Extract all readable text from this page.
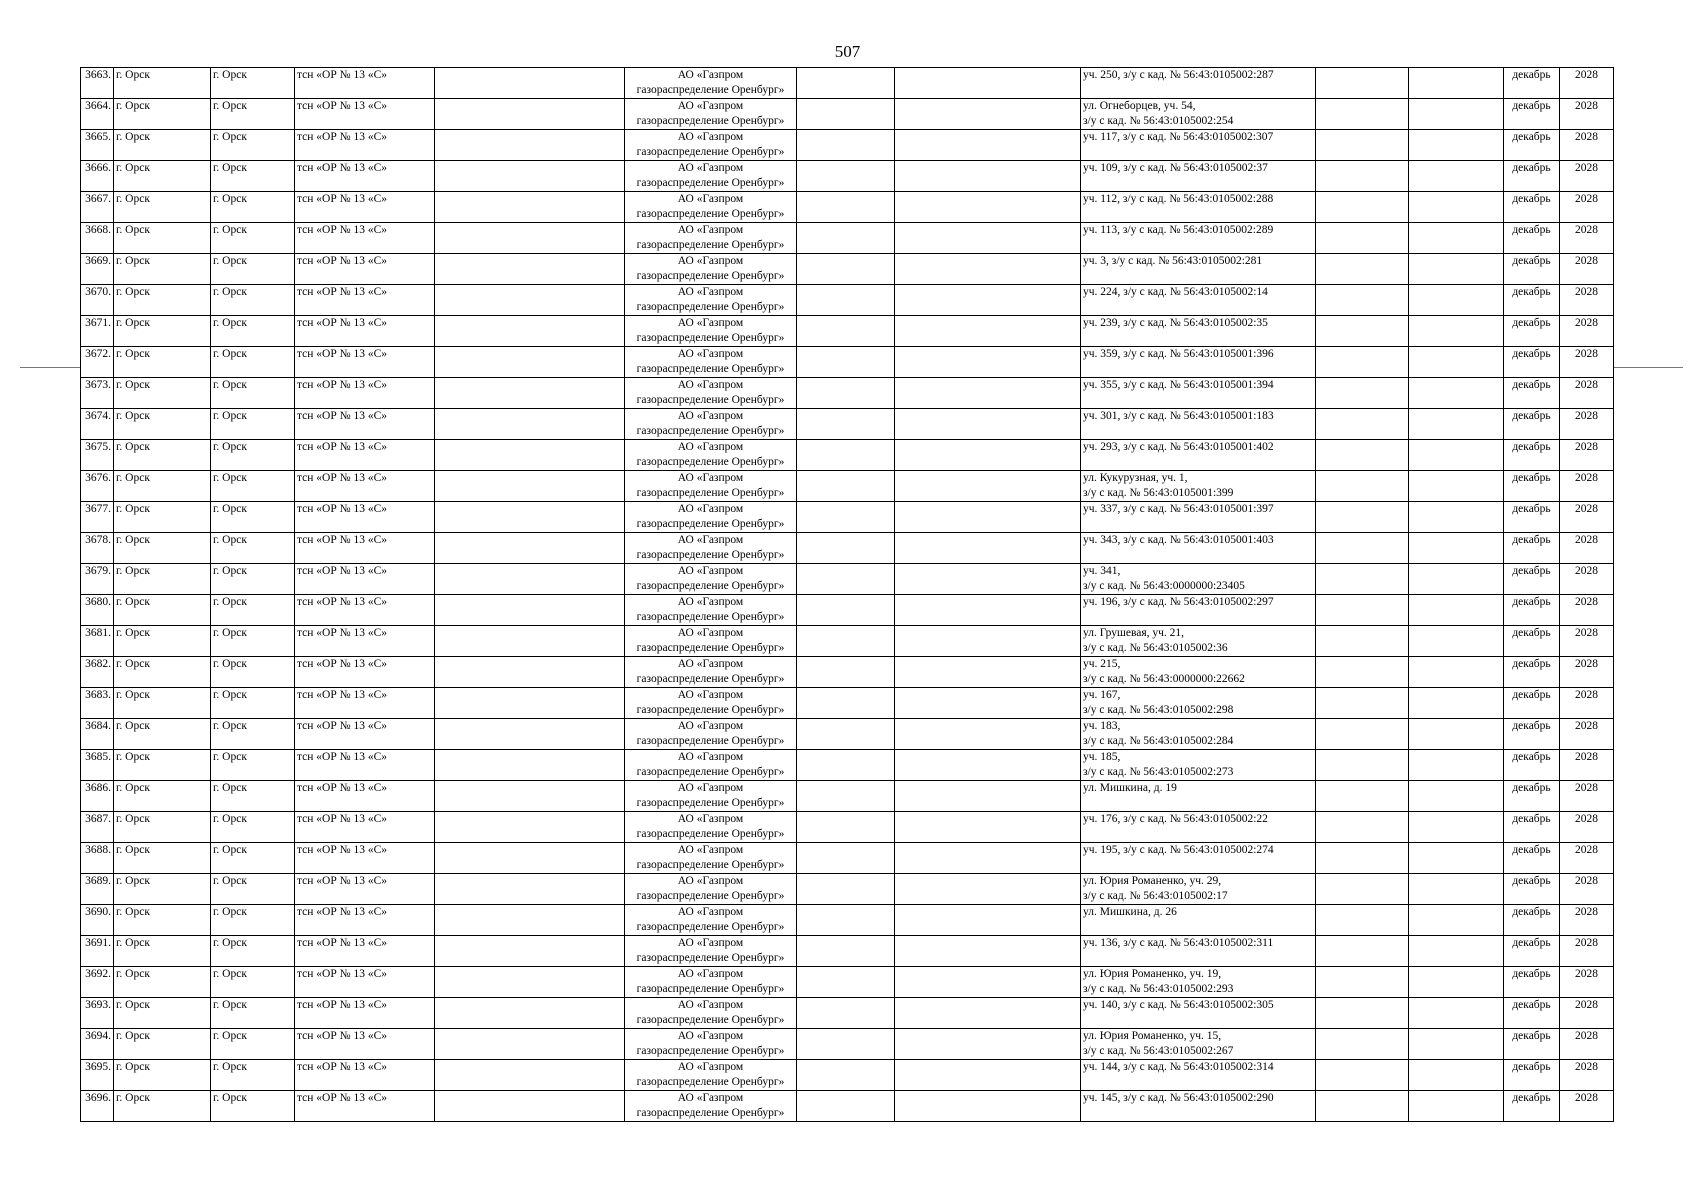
507
3663.	г. Орск	г. Орск	тсн «ОР № 13 «С»		АО «Газпром
газораспределение Оренбург»			уч. 250, з/у с кад. № 56:43:0105002:287			декабрь	2028
3664.	г. Орск	г. Орск	тсн «ОР № 13 «С»		АО «Газпром
газораспределение Оренбург»			ул. Огнеборцев, уч. 54,
з/у с кад. № 56:43:0105002:254			декабрь	2028
3665.	г. Орск	г. Орск	тсн «ОР № 13 «С»		АО «Газпром
газораспределение Оренбург»			уч. 117, з/у с кад. № 56:43:0105002:307			декабрь	2028
3666.	г. Орск	г. Орск	тсн «ОР № 13 «С»		АО «Газпром
газораспределение Оренбург»			уч. 109, з/у с кад. № 56:43:0105002:37			декабрь	2028
3667.	г. Орск	г. Орск	тсн «ОР № 13 «С»		АО «Газпром
газораспределение Оренбург»			уч. 112, з/у с кад. № 56:43:0105002:288			декабрь	2028
3668.	г. Орск	г. Орск	тсн «ОР № 13 «С»		АО «Газпром
газораспределение Оренбург»			уч. 113, з/у с кад. № 56:43:0105002:289			декабрь	2028
3669.	г. Орск	г. Орск	тсн «ОР № 13 «С»		АО «Газпром
газораспределение Оренбург»			уч. 3, з/у с кад. № 56:43:0105002:281			декабрь	2028
3670.	г. Орск	г. Орск	тсн «ОР № 13 «С»		АО «Газпром
газораспределение Оренбург»			уч. 224, з/у с кад. № 56:43:0105002:14			декабрь	2028
3671.	г. Орск	г. Орск	тсн «ОР № 13 «С»		АО «Газпром
газораспределение Оренбург»			уч. 239, з/у с кад. № 56:43:0105002:35			декабрь	2028
3672.	г. Орск	г. Орск	тсн «ОР № 13 «С»		АО «Газпром
газораспределение Оренбург»			уч. 359, з/у с кад. № 56:43:0105001:396			декабрь	2028
3673.	г. Орск	г. Орск	тсн «ОР № 13 «С»		АО «Газпром
газораспределение Оренбург»			уч. 355, з/у с кад. № 56:43:0105001:394			декабрь	2028
3674.	г. Орск	г. Орск	тсн «ОР № 13 «С»		АО «Газпром
газораспределение Оренбург»			уч. 301, з/у с кад. № 56:43:0105001:183			декабрь	2028
3675.	г. Орск	г. Орск	тсн «ОР № 13 «С»		АО «Газпром
газораспределение Оренбург»			уч. 293, з/у с кад. № 56:43:0105001:402			декабрь	2028
3676.	г. Орск	г. Орск	тсн «ОР № 13 «С»		АО «Газпром
газораспределение Оренбург»			ул. Кукурузная, уч. 1,
з/у с кад. № 56:43:0105001:399			декабрь	2028
3677.	г. Орск	г. Орск	тсн «ОР № 13 «С»		АО «Газпром
газораспределение Оренбург»			уч. 337, з/у с кад. № 56:43:0105001:397			декабрь	2028
3678.	г. Орск	г. Орск	тсн «ОР № 13 «С»		АО «Газпром
газораспределение Оренбург»			уч. 343, з/у с кад. № 56:43:0105001:403			декабрь	2028
3679.	г. Орск	г. Орск	тсн «ОР № 13 «С»		АО «Газпром
газораспределение Оренбург»			уч. 341,
з/у с кад. № 56:43:0000000:23405			декабрь	2028
3680.	г. Орск	г. Орск	тсн «ОР № 13 «С»		АО «Газпром
газораспределение Оренбург»			уч. 196, з/у с кад. № 56:43:0105002:297			декабрь	2028
3681.	г. Орск	г. Орск	тсн «ОР № 13 «С»		АО «Газпром
газораспределение Оренбург»			ул. Грушевая, уч. 21,
з/у с кад. № 56:43:0105002:36			декабрь	2028
3682.	г. Орск	г. Орск	тсн «ОР № 13 «С»		АО «Газпром
газораспределение Оренбург»			уч. 215,
з/у с кад. № 56:43:0000000:22662			декабрь	2028
3683.	г. Орск	г. Орск	тсн «ОР № 13 «С»		АО «Газпром
газораспределение Оренбург»			уч. 167,
з/у с кад. № 56:43:0105002:298			декабрь	2028
3684.	г. Орск	г. Орск	тсн «ОР № 13 «С»		АО «Газпром
газораспределение Оренбург»			уч. 183,
з/у с кад. № 56:43:0105002:284			декабрь	2028
3685.	г. Орск	г. Орск	тсн «ОР № 13 «С»		АО «Газпром
газораспределение Оренбург»			уч. 185,
з/у с кад. № 56:43:0105002:273			декабрь	2028
3686.	г. Орск	г. Орск	тсн «ОР № 13 «С»		АО «Газпром
газораспределение Оренбург»			ул. Мишкина, д. 19			декабрь	2028
3687.	г. Орск	г. Орск	тсн «ОР № 13 «С»		АО «Газпром
газораспределение Оренбург»			уч. 176, з/у с кад. № 56:43:0105002:22			декабрь	2028
3688.	г. Орск	г. Орск	тсн «ОР № 13 «С»		АО «Газпром
газораспределение Оренбург»			уч. 195, з/у с кад. № 56:43:0105002:274			декабрь	2028
3689.	г. Орск	г. Орск	тсн «ОР № 13 «С»		АО «Газпром
газораспределение Оренбург»			ул. Юрия Романенко, уч. 29,
з/у с кад. № 56:43:0105002:17			декабрь	2028
3690.	г. Орск	г. Орск	тсн «ОР № 13 «С»		АО «Газпром
газораспределение Оренбург»			ул. Мишкина, д. 26			декабрь	2028
3691.	г. Орск	г. Орск	тсн «ОР № 13 «С»		АО «Газпром
газораспределение Оренбург»			уч. 136, з/у с кад. № 56:43:0105002:311			декабрь	2028
3692.	г. Орск	г. Орск	тсн «ОР № 13 «С»		АО «Газпром
газораспределение Оренбург»			ул. Юрия Романенко, уч. 19,
з/у с кад. № 56:43:0105002:293			декабрь	2028
3693.	г. Орск	г. Орск	тсн «ОР № 13 «С»		АО «Газпром
газораспределение Оренбург»			уч. 140, з/у с кад. № 56:43:0105002:305			декабрь	2028
3694.	г. Орск	г. Орск	тсн «ОР № 13 «С»		АО «Газпром
газораспределение Оренбург»			ул. Юрия Романенко, уч. 15,
з/у с кад. № 56:43:0105002:267			декабрь	2028
3695.	г. Орск	г. Орск	тсн «ОР № 13 «С»		АО «Газпром
газораспределение Оренбург»			уч. 144, з/у с кад. № 56:43:0105002:314			декабрь	2028
3696.	г. Орск	г. Орск	тсн «ОР № 13 «С»		АО «Газпром
газораспределение Оренбург»			уч. 145, з/у с кад. № 56:43:0105002:290			декабрь	2028
